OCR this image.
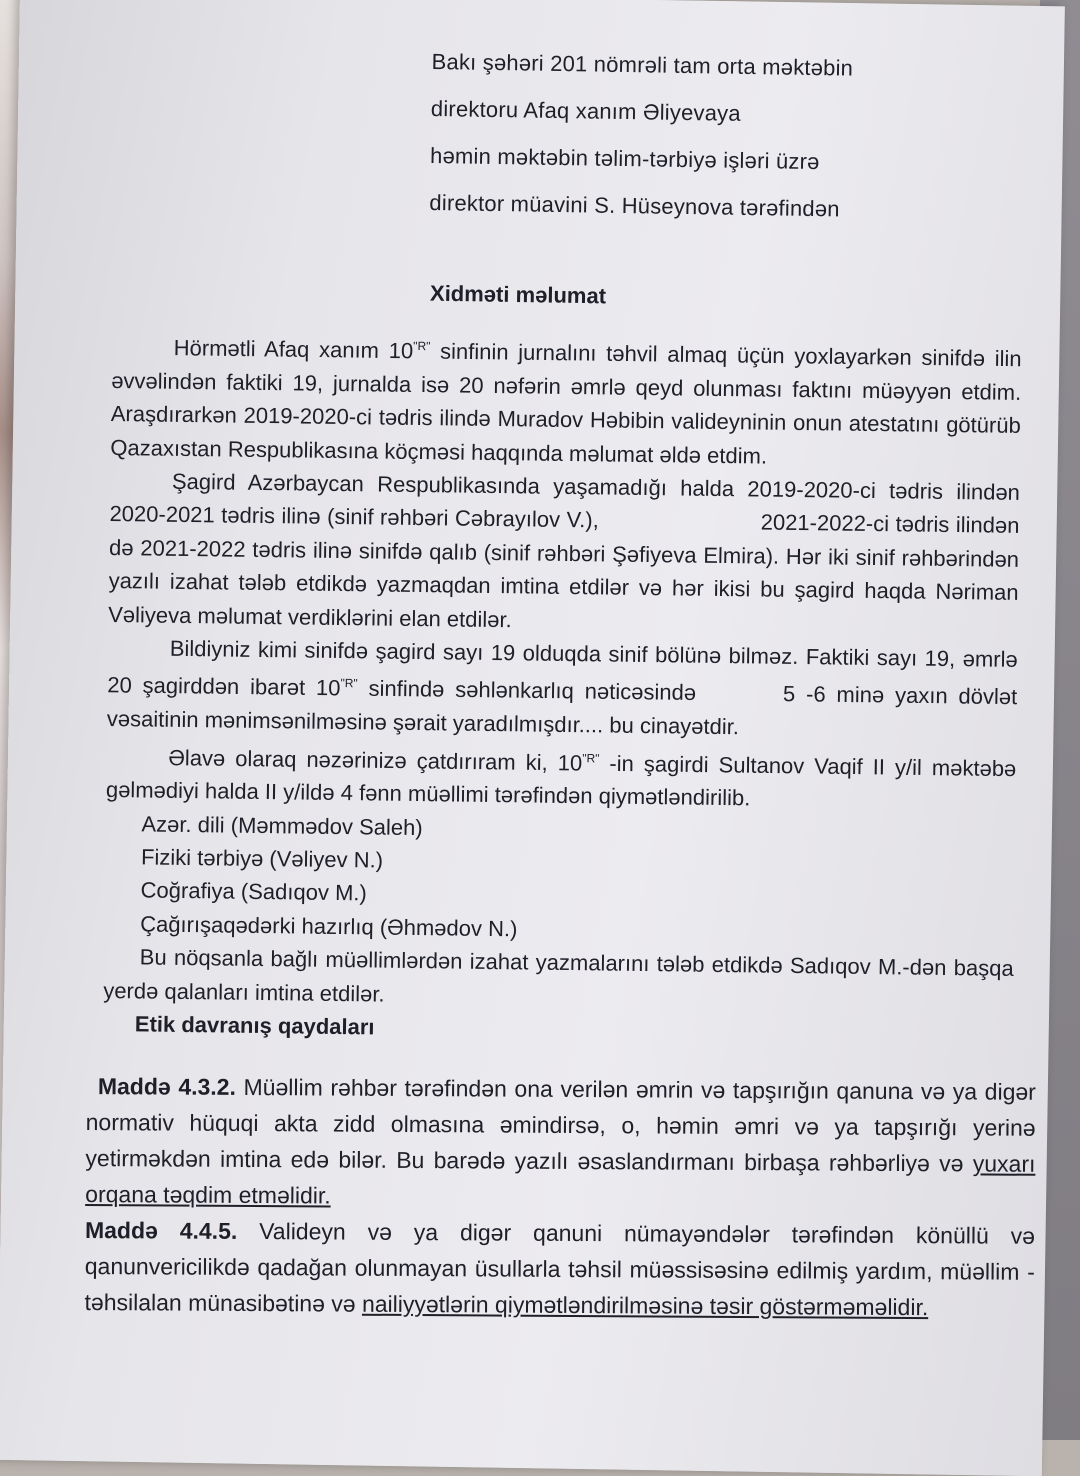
Bakı şəhəri 201 nömrəli tam orta məktəbin
direktoru Afaq xanım Əliyevaya
həmin məktəbin təlim-tərbiyə işləri üzrə
direktor müavini S. Hüseynova tərəfindən
Xidməti məlumat

Hörmətli Afaq xanım $10^{"R"}$ sinfinin jurnalını təhvil almaq üçün yoxlayarkən sinifdə ilin əvvəlindən faktiki 19, jurnalda isə 20 nəfərin əmrlə qeyd olunması faktını müəyyən etdim. Araşdırarkən 2019-2020-ci tədris ilində Muradov Həbibin valideyninin onun atestatını götürüb Qazaxıstan Respublikasına köçməsi haqqında məlumat əldə etdim.

Şagird Azərbaycan Respublikasında yaşamadığı halda 2019-2020-ci tədris ilindən 2020-2021 tədris ilinə (sinif rəhbəri Cəbrayılov V.),                         2021-2022-ci tədris ilindən də 2021-2022 tədris ilinə sinifdə qalıb (sinif rəhbəri Şəfiyeva Elmira). Hər iki sinif rəhbərindən yazılı izahat tələb etdikdə yazmaqdan imtina etdilər və hər ikisi bu şagird haqda Nəriman Vəliyeva məlumat verdiklərini elan etdilər.

Bildiyniz kimi sinifdə şagird sayı 19 olduqda sinif bölünə bilməz. Faktiki sayı 19, əmrlə 20 şagirddən ibarət $10^{"R"}$ sinfində səhlənkarlıq nəticəsində        5 -6 minə yaxın dövlət vəsaitinin mənimsənilməsinə şərait yaradılmışdır.... bu cinayətdir.

Əlavə olaraq nəzərinizə çatdırıram ki, $10^{"R"}$ -in şagirdi Sultanov Vaqif II y/il məktəbə gəlmədiyi halda II y/ildə 4 fənn müəllimi tərəfindən qiymətləndirilib.

Azər. dili (Məmmədov Saleh)

Fiziki tərbiyə (Vəliyev N.)

Coğrafiya (Sadıqov M.)

Çağırışaqədərki hazırlıq (Əhmədov N.)

Bu nöqsanla bağlı müəllimlərdən izahat yazmalarını tələb etdikdə Sadıqov M.-dən başqa yerdə qalanları imtina etdilər.

Etik davranış qaydaları

Maddə 4.3.2. Müəllim rəhbər tərəfindən ona verilən əmrin və tapşırığın qanuna və ya digər normativ hüquqi akta zidd olmasına əmindirsə, o, həmin əmri və ya tapşırığı yerinə yetirməkdən imtina edə bilər. Bu barədə yazılı əsaslandırmanı birbaşa rəhbərliyə və yuxarı orqana təqdim etməlidir.

Maddə 4.4.5. Valideyn və ya digər qanuni nümayəndələr tərəfindən könüllü və qanunvericilikdə qadağan olunmayan üsullarla təhsil müəssisəsinə edilmiş yardım, müəllim -təhsilalan münasibətinə və nailiyyətlərin qiymətləndirilməsinə təsir göstərməməlidir.
